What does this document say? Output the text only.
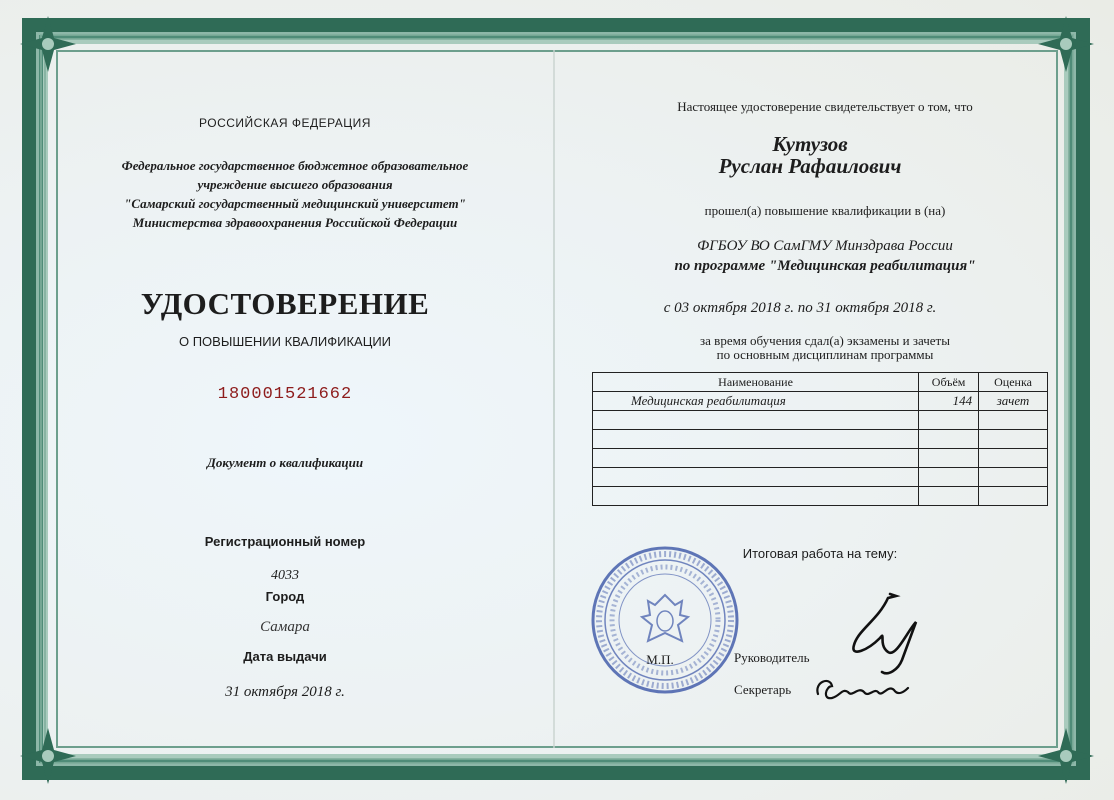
РОССИЙСКАЯ ФЕДЕРАЦИЯ
Федеральное государственное бюджетное образовательное
учреждение высшего образования
"Самарский государственный медицинский университет"
Министерства здравоохранения Российской Федерации
УДОСТОВЕРЕНИЕ
О ПОВЫШЕНИИ КВАЛИФИКАЦИИ
180001521662
Документ о квалификации
Регистрационный номер
4033
Город
Самара
Дата выдачи
31 октября 2018 г.
Настоящее удостоверение свидетельствует о том, что
Кутузов
Руслан Рафаилович
прошел(а) повышение квалификации в (на)
ФГБОУ ВО СамГМУ Минздрава России
по программе "Медицинская реабилитация"
с 03 октября 2018 г. по 31 октября 2018 г.
за время обучения сдал(а) экзамены и зачеты
по основным дисциплинам программы
Наименование	Объём	Оценка
Медицинская реабилитация	144	зачет

Итоговая работа на тему:
М.П.	Руководитель
Секретарь
